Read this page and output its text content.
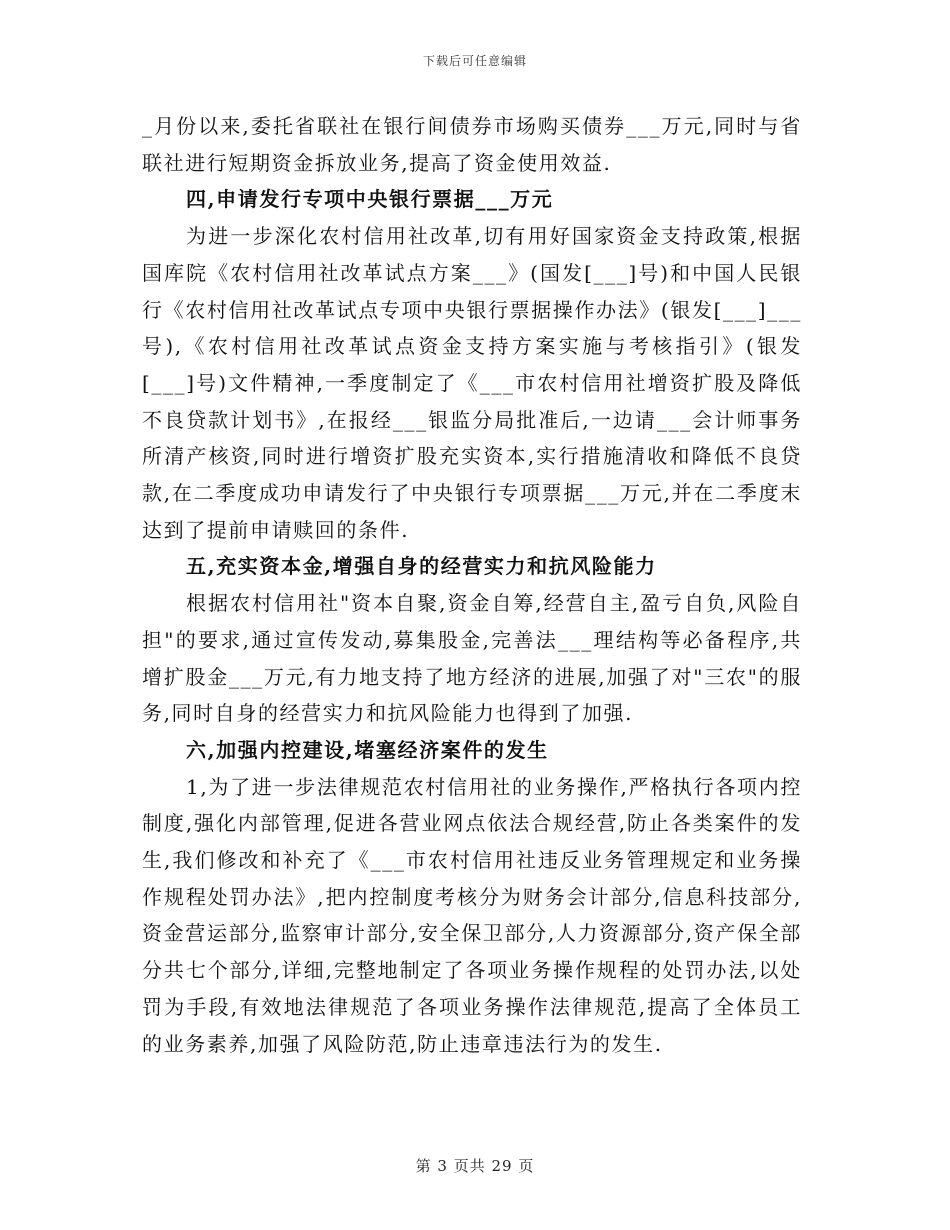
下载后可任意编辑

_月份以来,委托省联社在银行间债券市场购买债券___万元,同时与省联社进行短期资金拆放业务,提高了资金使用效益.

四,申请发行专项中央银行票据___万元

为进一步深化农村信用社改革,切有用好国家资金支持政策,根据国库院《农村信用社改革试点方案___》(国发[___]号)和中国人民银行《农村信用社改革试点专项中央银行票据操作办法》(银发[___]___号),《农村信用社改革试点资金支持方案实施与考核指引》(银发[___]号)文件精神,一季度制定了《___市农村信用社增资扩股及降低不良贷款计划书》,在报经___银监分局批准后,一边请___会计师事务所清产核资,同时进行增资扩股充实资本,实行措施清收和降低不良贷款,在二季度成功申请发行了中央银行专项票据___万元,并在二季度末达到了提前申请赎回的条件.

五,充实资本金,增强自身的经营实力和抗风险能力

根据农村信用社"资本自聚,资金自筹,经营自主,盈亏自负,风险自担"的要求,通过宣传发动,募集股金,完善法___理结构等必备程序,共增扩股金___万元,有力地支持了地方经济的进展,加强了对"三农"的服务,同时自身的经营实力和抗风险能力也得到了加强.

六,加强内控建设,堵塞经济案件的发生

1,为了进一步法律规范农村信用社的业务操作,严格执行各项内控制度,强化内部管理,促进各营业网点依法合规经营,防止各类案件的发生,我们修改和补充了《___市农村信用社违反业务管理规定和业务操作规程处罚办法》,把内控制度考核分为财务会计部分,信息科技部分,资金营运部分,监察审计部分,安全保卫部分,人力资源部分,资产保全部分共七个部分,详细,完整地制定了各项业务操作规程的处罚办法,以处罚为手段,有效地法律规范了各项业务操作法律规范,提高了全体员工的业务素养,加强了风险防范,防止违章违法行为的发生.

第 3 页共 29 页
